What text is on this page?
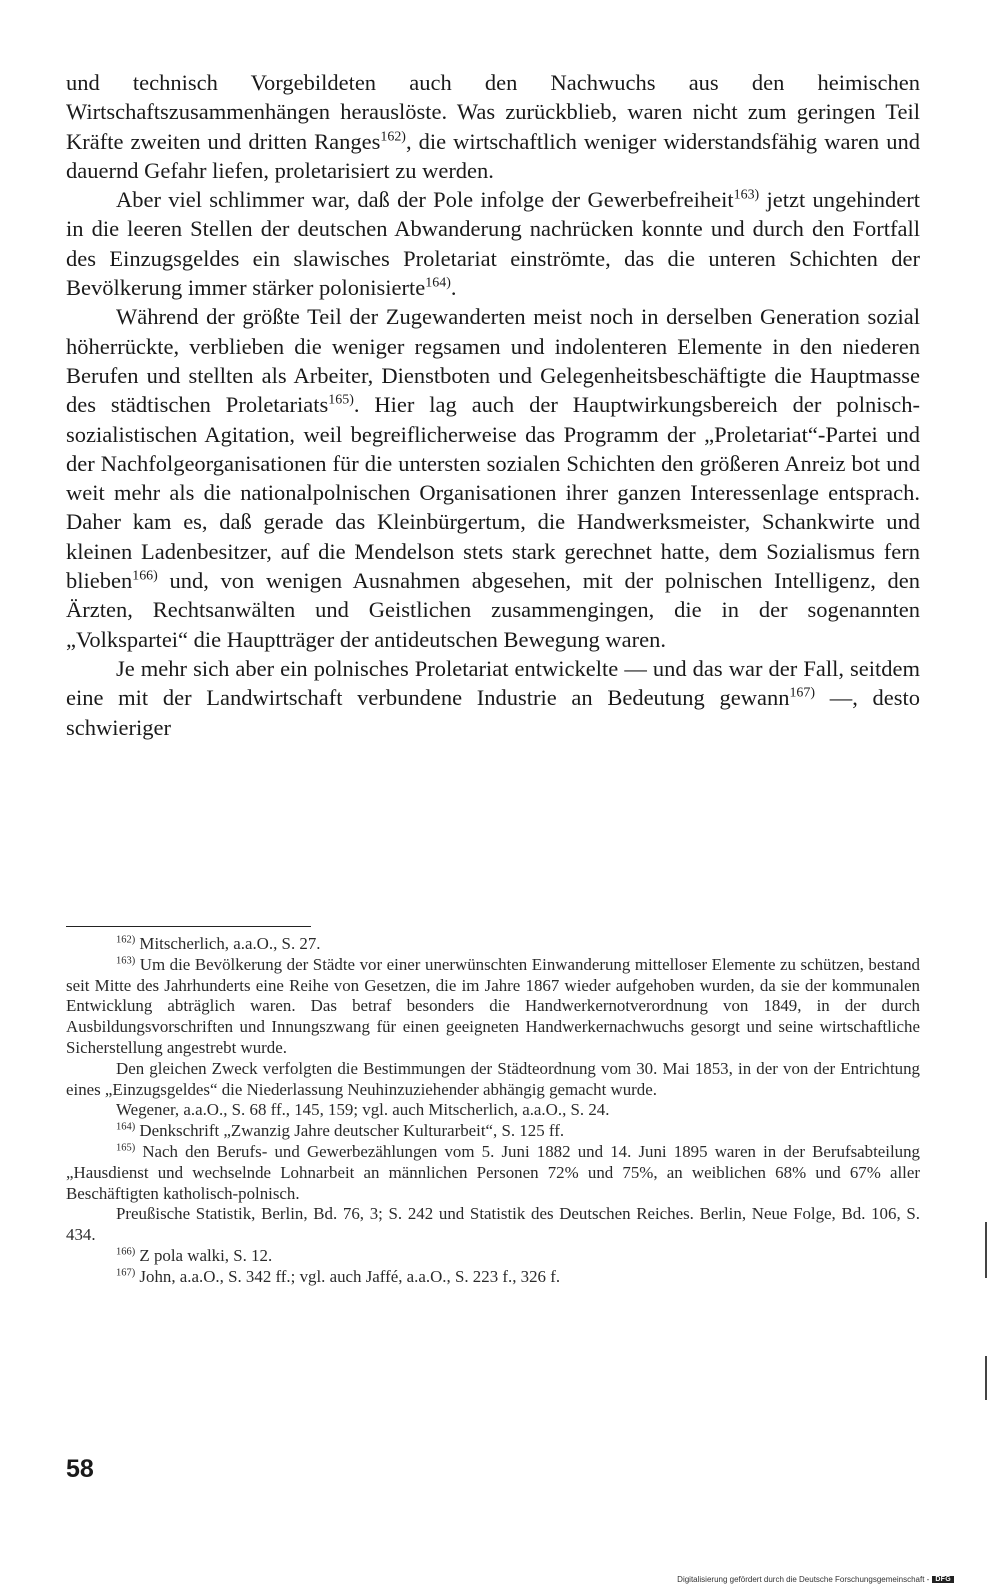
und technisch Vorgebildeten auch den Nachwuchs aus den heimischen Wirtschaftszusammenhängen herauslöste. Was zurückblieb, waren nicht zum geringen Teil Kräfte zweiten und dritten Ranges$^{162)}$, die wirtschaftlich weniger widerstandsfähig waren und dauernd Gefahr liefen, proletarisiert zu werden.

Aber viel schlimmer war, daß der Pole infolge der Gewerbefreiheit$^{163)}$ jetzt ungehindert in die leeren Stellen der deutschen Abwanderung nachrücken konnte und durch den Fortfall des Einzugsgeldes ein slawisches Proletariat einströmte, das die unteren Schichten der Bevölkerung immer stärker polonisierte$^{164)}$.

Während der größte Teil der Zugewanderten meist noch in derselben Generation sozial höherrückte, verblieben die weniger regsamen und indolenteren Elemente in den niederen Berufen und stellten als Arbeiter, Dienstboten und Gelegenheitsbeschäftigte die Hauptmasse des städtischen Proletariats$^{165)}$. Hier lag auch der Hauptwirkungsbereich der polnisch-sozialistischen Agitation, weil begreiflicherweise das Programm der „Proletariat“-Partei und der Nachfolgeorganisationen für die untersten sozialen Schichten den größeren Anreiz bot und weit mehr als die nationalpolnischen Organisationen ihrer ganzen Interessenlage entsprach. Daher kam es, daß gerade das Kleinbürgertum, die Handwerksmeister, Schankwirte und kleinen Ladenbesitzer, auf die Mendelson stets stark gerechnet hatte, dem Sozialismus fern blieben$^{166)}$ und, von wenigen Ausnahmen abgesehen, mit der polnischen Intelligenz, den Ärzten, Rechtsanwälten und Geistlichen zusammengingen, die in der sogenannten „Volkspartei“ die Hauptträger der antideutschen Bewegung waren.

Je mehr sich aber ein polnisches Proletariat entwickelte — und das war der Fall, seitdem eine mit der Landwirtschaft verbundene Industrie an Bedeutung gewann$^{167)}$ —, desto schwieriger

$^{162)}$ Mitscherlich, a.a.O., S. 27.

$^{163)}$ Um die Bevölkerung der Städte vor einer unerwünschten Einwanderung mittelloser Elemente zu schützen, bestand seit Mitte des Jahrhunderts eine Reihe von Gesetzen, die im Jahre 1867 wieder aufgehoben wurden, da sie der kommunalen Entwicklung abträglich waren. Das betraf besonders die Handwerkernotverordnung von 1849, in der durch Ausbildungsvorschriften und Innungszwang für einen geeigneten Handwerkernachwuchs gesorgt und seine wirtschaftliche Sicherstellung angestrebt wurde.

Den gleichen Zweck verfolgten die Bestimmungen der Städteordnung vom 30. Mai 1853, in der von der Entrichtung eines „Einzugsgeldes“ die Niederlassung Neuhinzuziehender abhängig gemacht wurde.

Wegener, a.a.O., S. 68 ff., 145, 159; vgl. auch Mitscherlich, a.a.O., S. 24.

$^{164)}$ Denkschrift „Zwanzig Jahre deutscher Kulturarbeit“, S. 125 ff.

$^{165)}$ Nach den Berufs- und Gewerbezählungen vom 5. Juni 1882 und 14. Juni 1895 waren in der Berufsabteilung „Hausdienst und wechselnde Lohnarbeit an männlichen Personen 72% und 75%, an weiblichen 68% und 67% aller Beschäftigten katholisch-polnisch.

Preußische Statistik, Berlin, Bd. 76, 3; S. 242 und Statistik des Deutschen Reiches. Berlin, Neue Folge, Bd. 106, S. 434.

$^{166)}$ Z pola walki, S. 12.

$^{167)}$ John, a.a.O., S. 342 ff.; vgl. auch Jaffé, a.a.O., S. 223 f., 326 f.

58
Digitalisierung gefördert durch die Deutsche Forschungsgemeinschaft - DFG
